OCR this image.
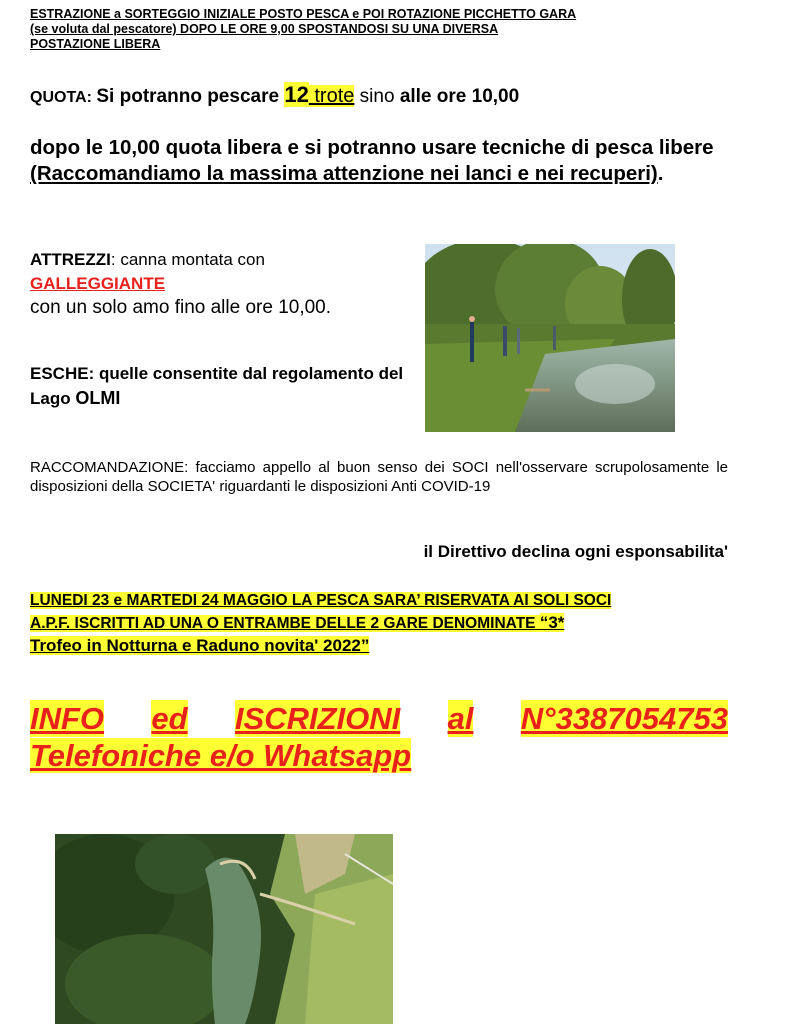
ESTRAZIONE a SORTEGGIO INIZIALE POSTO PESCA e POI ROTAZIONE PICCHETTO GARA
(se voluta dal pescatore) DOPO LE ORE 9,00 SPOSTANDOSI SU UNA DIVERSA
POSTAZIONE LIBERA
QUOTA: Si potranno pescare 12 trote sino alle ore 10,00
dopo le 10,00 quota libera e si potranno usare tecniche di pesca libere (Raccomandiamo la massima attenzione nei lanci e nei recuperi).
ATTREZZI: canna montata con
GALLEGGIANTE
con un solo amo fino alle ore 10,00.
ESCHE: quelle consentite dal regolamento del Lago OLMI
RACCOMANDAZIONE: facciamo appello al buon senso dei SOCI nell'osservare scrupolosamente le disposizioni della SOCIETA' riguardanti le disposizioni Anti COVID-19
il Direttivo declina ogni esponsabilita'
LUNEDI 23 e MARTEDI 24 MAGGIO LA PESCA SARA’ RISERVATA AI SOLI SOCI
A.P.F. ISCRITTI AD UNA O ENTRAMBE DELLE 2 GARE DENOMINATE “3*
Trofeo in Notturna e Raduno novita' 2022”
INFO ed ISCRIZIONI al N°3387054753
Telefoniche e/o Whatsapp
